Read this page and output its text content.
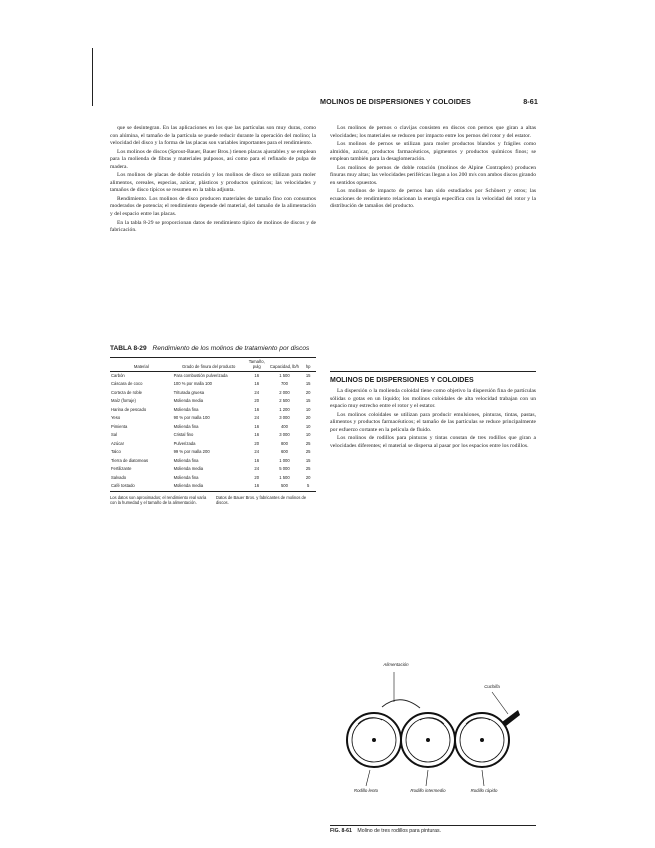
MOLINOS DE DISPERSIONES Y COLOIDES	8-61

que se desintegran. En las aplicaciones en los que las partículas son muy duras, como con alúmina, el tamaño de la partícula se puede reducir durante la operación del molino; la velocidad del disco y la forma de las placas son variables importantes para el rendimiento.

Los molinos de discos (Sprout-Bauer, Bauer Bros.) tienen placas ajustables y se emplean para la molienda de fibras y materiales pulposos, así como para el refinado de pulpa de madera.

Los molinos de placas de doble rotación y los molinos de disco se utilizan para moler alimentos, cereales, especias, azúcar, plásticos y productos químicos; las velocidades y tamaños de disco típicos se resumen en la tabla adjunta.

Rendimiento. Los molinos de disco producen materiales de tamaño fino con consumos moderados de potencia; el rendimiento depende del material, del tamaño de la alimentación y del espacio entre las placas.

En la tabla 8-29 se proporcionan datos de rendimiento típico de molinos de discos y de fabricación.

TABLA 8-29 Rendimiento de los molinos de tratamiento por discos
Material	Grado de finura del producto	Tamaño, pulg	Capacidad, lb/h	hp
Carbón	Para combustión pulverizada	16	1 500	15
Cáscara de coco	100 % por malla 100	16	700	15
Corteza de roble	Triturada gruesa	24	2 000	20
Maíz (forraje)	Molienda media	20	2 500	15
Harina de pescado	Molienda fina	16	1 200	10
Yeso	90 % por malla 100	24	3 000	20
Pimienta	Molienda fina	16	400	10
Sal	Cristal fino	16	3 000	10
Azúcar	Pulverizada	20	800	25
Talco	99 % por malla 200	24	600	25
Tierra de diatomeas	Molienda fina	16	1 000	15
Fertilizante	Molienda media	24	5 000	25
Salvado	Molienda fina	20	1 500	20
Café tostado	Molienda media	16	500	5
Los datos son aproximados; el rendimiento real varía con la humedad y el tamaño de la alimentación.
Datos de Bauer Bros. y fabricantes de molinos de discos.

Los molinos de pernos o clavijas consisten en discos con pernos que giran a altas velocidades; los materiales se reducen por impacto entre los pernos del rotor y del estator.

Los molinos de pernos se utilizan para moler productos blandos y frágiles como almidón, azúcar, productos farmacéuticos, pigmentos y productos químicos finos; se emplean también para la desaglomeración.

Los molinos de pernos de doble rotación (molinos de Alpine Contraplex) producen finuras muy altas; las velocidades periféricas llegan a los 200 m/s con ambos discos girando en sentidos opuestos.

Los molinos de impacto de pernos han sido estudiados por Schönert y otros; las ecuaciones de rendimiento relacionan la energía específica con la velocidad del rotor y la distribución de tamaños del producto.

MOLINOS DE DISPERSIONES Y COLOIDES

La dispersión o la molienda coloidal tiene como objetivo la dispersión fina de partículas sólidas o gotas en un líquido; los molinos coloidales de alta velocidad trabajan con un espacio muy estrecho entre el rotor y el estator.

Los molinos coloidales se utilizan para producir emulsiones, pinturas, tintas, pastas, alimentos y productos farmacéuticos; el tamaño de las partículas se reduce principalmente por esfuerzo cortante en la película de fluido.

Los molinos de rodillos para pinturas y tintas constan de tres rodillos que giran a velocidades diferentes; el material se dispersa al pasar por los espacios entre los rodillos.

Alimentación
Cuchilla
Rodillo lento	Rodillo intermedio	Rodillo rápido
FIG. 8-61 Molino de tres rodillos para pinturas.
